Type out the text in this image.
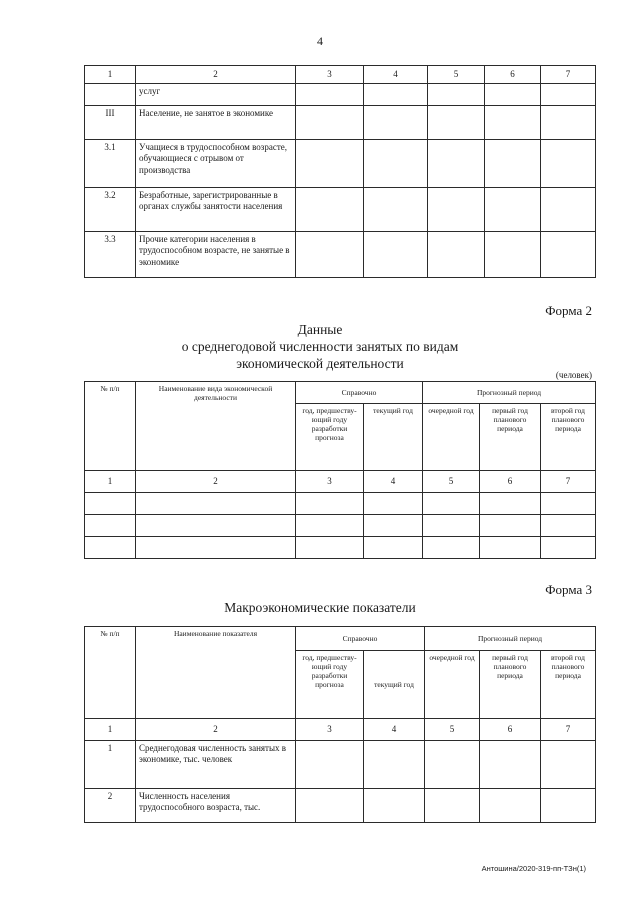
4
1	2	3	4	5	6	7
	услуг					
III	Население, не занятое в экономике					
3.1	Учащиеся в трудоспособном возрасте, обучающиеся с отрывом от производства					
3.2	Безработные, зарегистрированные в органах службы занятости населения					
3.3	Прочие категории населения в трудоспособном возрасте, не занятые в экономике					
Форма 2
Данные
о среднегодовой численности занятых по видам
экономической деятельности
(человек)
№ п/п	Наименование вида экономической деятельности	Справочно		Прогнозный период		
		год, предшеству-ющий году разработки прогноза	текущий год	очередной год	первый год планового периода	второй год планового периода
1	2	3	4	5	6	7

Форма 3
Макроэкономические показатели
№ п/п	Наименование показателя	Справочно		Прогнозный период		
		год, предшеству-ющий году разработки прогноза	текущий год	очередной год	первый год планового периода	второй год планового периода
1	2	3	4	5	6	7
1	Среднегодовая численность занятых в экономике, тыс. человек					
2	Численность населения трудоспособного возраста, тыс.					
Антошина/2020-319-пп-ТЗн(1)
